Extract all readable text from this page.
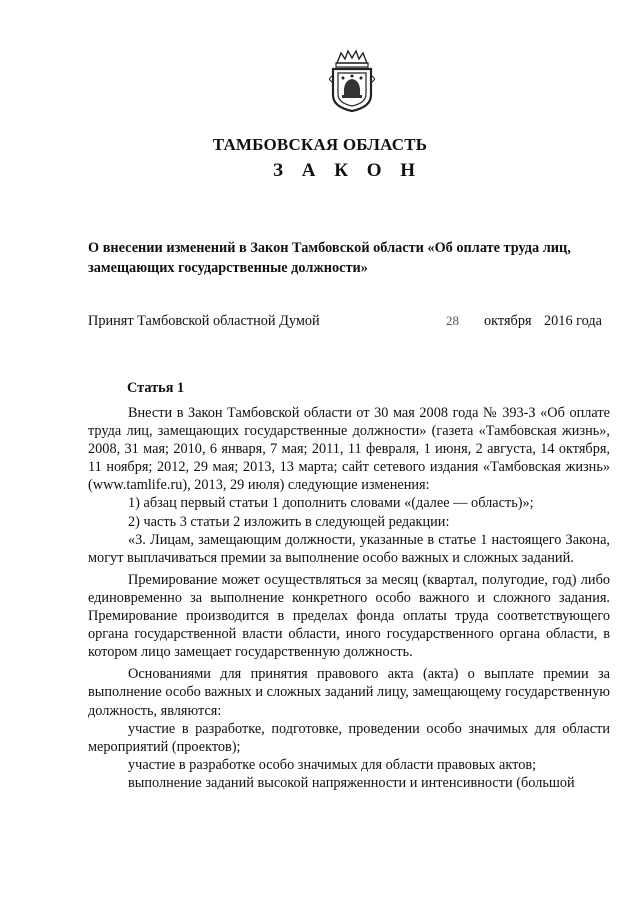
ТАМБОВСКАЯ ОБЛАСТЬ
З А К О Н
О внесении изменений в Закон Тамбовской области «Об оплате труда лиц, замещающих государственные должности»
Принят Тамбовской областной Думой	28 октября 2016 года
Статья 1

Внести в Закон Тамбовской области от 30 мая 2008 года № 393-З «Об оплате труда лиц, замещающих государственные должности» (газета «Тамбовская жизнь», 2008, 31 мая; 2010, 6 января, 7 мая; 2011, 11 февраля, 1 июня, 2 августа, 14 октября, 11 ноября; 2012, 29 мая; 2013, 13 марта; сайт сетевого издания «Тамбовская жизнь» (www.tamlife.ru), 2013, 29 июля) следующие изменения:

1) абзац первый статьи 1 дополнить словами «(далее — область)»;

2) часть 3 статьи 2 изложить в следующей редакции:

«3. Лицам, замещающим должности, указанные в статье 1 настоящего Закона, могут выплачиваться премии за выполнение особо важных и сложных заданий.

Премирование может осуществляться за месяц (квартал, полугодие, год) либо единовременно за выполнение конкретного особо важного и сложного задания. Премирование производится в пределах фонда оплаты труда соответствующего органа государственной власти области, иного государственного органа области, в котором лицо замещает государственную должность.

Основаниями для принятия правового акта (акта) о выплате премии за выполнение особо важных и сложных заданий лицу, замещающему государственную должность, являются:

участие в разработке, подготовке, проведении особо значимых для области мероприятий (проектов);

участие в разработке особо значимых для области правовых актов;

выполнение заданий высокой напряженности и интенсивности (большой
